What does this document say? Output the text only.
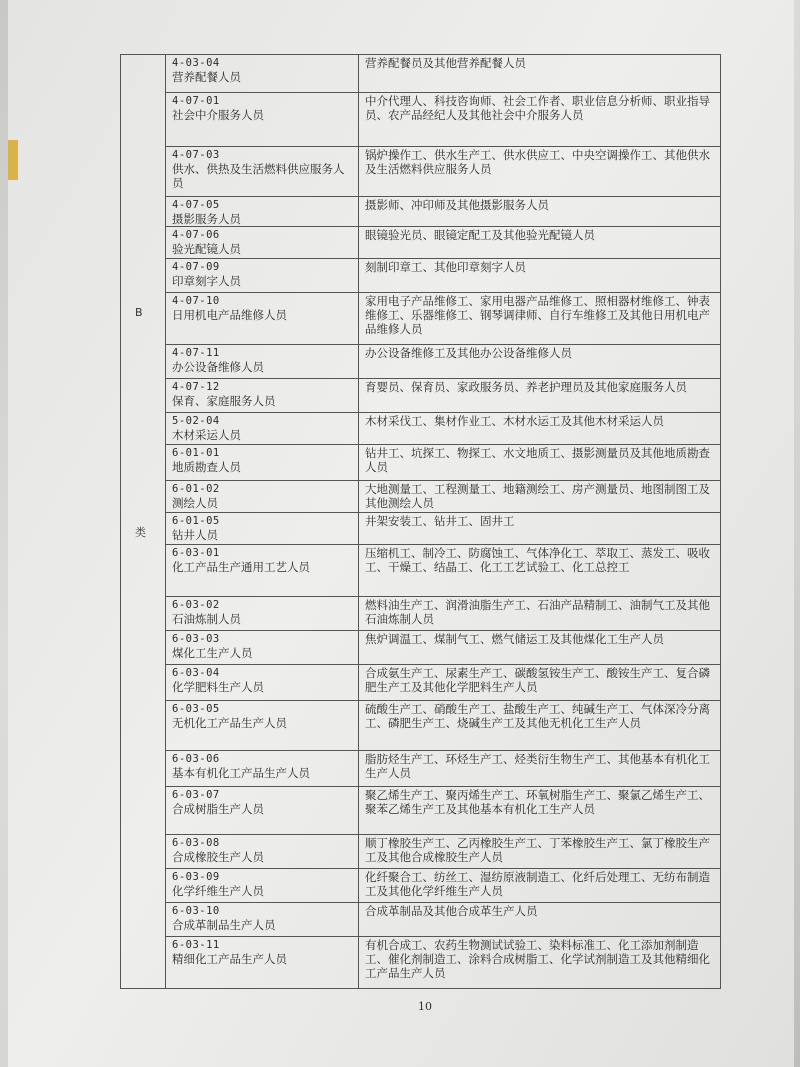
	4-03-04
营养配餐人员	营养配餐员及其他营养配餐人员

	4-07-01
社会中介服务人员	中介代理人、科技咨询师、社会工作者、职业信息分析师、职业指导员、农产品经纪人及其他社会中介服务人员

	4-07-03
供水、供热及生活燃料供应服务人员	锅炉操作工、供水生产工、供水供应工、中央空调操作工、其他供水及生活燃料供应服务人员

	4-07-05
摄影服务人员	摄影师、冲印师及其他摄影服务人员

	4-07-06
验光配镜人员	眼镜验光员、眼镜定配工及其他验光配镜人员

	4-07-09
印章刻字人员	刻制印章工、其他印章刻字人员

	4-07-10
日用机电产品维修人员	家用电子产品维修工、家用电器产品维修工、照相器材维修工、钟表维修工、乐器维修工、钢琴调律师、自行车维修工及其他日用机电产品维修人员

	4-07-11
办公设备维修人员	办公设备维修工及其他办公设备维修人员

	4-07-12
保育、家庭服务人员	育婴员、保育员、家政服务员、养老护理员及其他家庭服务人员

	5-02-04
木材采运人员	木材采伐工、集材作业工、木材水运工及其他木材采运人员

	6-01-01
地质勘查人员	钻井工、坑探工、物探工、水文地质工、摄影测量员及其他地质勘查人员

	6-01-02
测绘人员	大地测量工、工程测量工、地籍测绘工、房产测量员、地图制图工及其他测绘人员

	6-01-05
钻井人员	井架安装工、钻井工、固井工

	6-03-01
化工产品生产通用工艺人员	压缩机工、制冷工、防腐蚀工、气体净化工、萃取工、蒸发工、吸收工、干燥工、结晶工、化工工艺试验工、化工总控工

	6-03-02
石油炼制人员	燃料油生产工、润滑油脂生产工、石油产品精制工、油制气工及其他石油炼制人员

	6-03-03
煤化工生产人员	焦炉调温工、煤制气工、燃气储运工及其他煤化工生产人员

	6-03-04
化学肥料生产人员	合成氨生产工、尿素生产工、碳酸氢铵生产工、酸铵生产工、复合磷肥生产工及其他化学肥料生产人员

	6-03-05
无机化工产品生产人员	硫酸生产工、硝酸生产工、盐酸生产工、纯碱生产工、气体深冷分离工、磷肥生产工、烧碱生产工及其他无机化工生产人员

	6-03-06
基本有机化工产品生产人员	脂肪烃生产工、环烃生产工、烃类衍生物生产工、其他基本有机化工生产人员

	6-03-07
合成树脂生产人员	聚乙烯生产工、聚丙烯生产工、环氧树脂生产工、聚氯乙烯生产工、聚苯乙烯生产工及其他基本有机化工生产人员

	6-03-08
合成橡胶生产人员	顺丁橡胶生产工、乙丙橡胶生产工、丁苯橡胶生产工、氯丁橡胶生产工及其他合成橡胶生产人员

	6-03-09
化学纤维生产人员	化纤聚合工、纺丝工、湿纺原液制造工、化纤后处理工、无纺布制造工及其他化学纤维生产人员

	6-03-10
合成革制品生产人员	合成革制品及其他合成革生产人员

	6-03-11
精细化工产品生产人员	有机合成工、农药生物测试试验工、染料标准工、化工添加剂制造工、催化剂制造工、涂料合成树脂工、化学试剂制造工及其他精细化工产品生产人员
B
类
10
